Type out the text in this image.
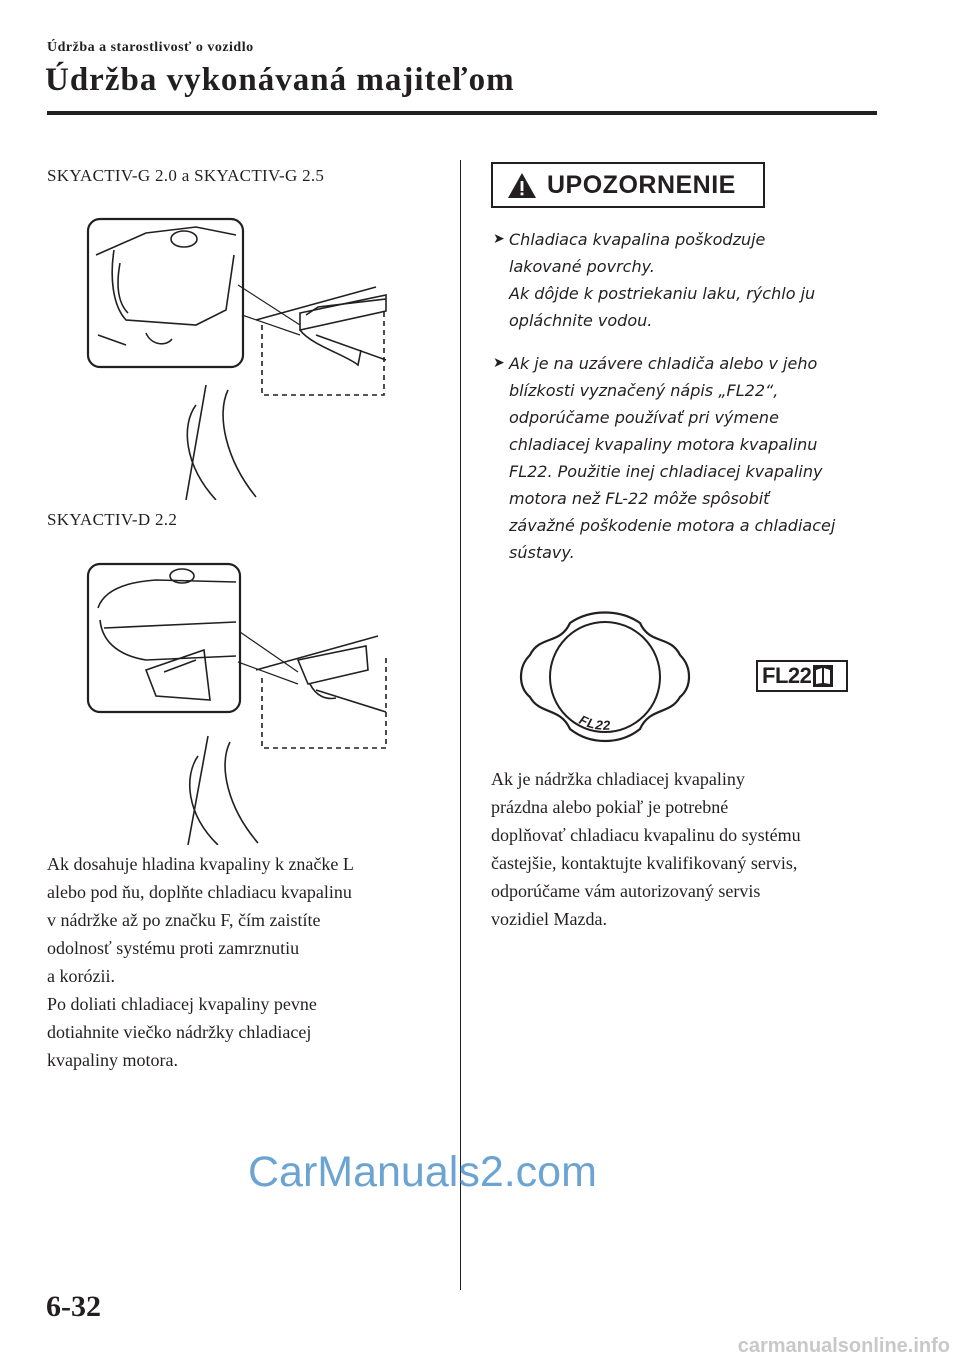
Údržba a starostlivosť o vozidlo
Údržba vykonávaná majiteľom
SKYACTIV-G 2.0 a SKYACTIV-G 2.5
SKYACTIV-D 2.2
Ak dosahuje hladina kvapaliny k značke L
alebo pod ňu, doplňte chladiacu kvapalinu
v nádržke až po značku F, čím zaistíte
odolnosť systému proti zamrznutiu
a korózii.
Po doliati chladiacej kvapaliny pevne
dotiahnite viečko nádržky chladiacej
kvapaliny motora.
UPOZORNENIE
➤ Chladiaca kvapalina poškodzuje
lakované povrchy.
Ak dôjde k postriekaniu laku, rýchlo ju
opláchnite vodou.
➤ Ak je na uzávere chladiča alebo v jeho
blízkosti vyznačený nápis „FL22“,
odporúčame používať pri výmene
chladiacej kvapaliny motora kvapalinu
FL22. Použitie inej chladiacej kvapaliny
motora než FL-22 môže spôsobiť
závažné poškodenie motora a chladiacej
sústavy.
FL22
FL22
Ak je nádržka chladiacej kvapaliny
prázdna alebo pokiaľ je potrebné
doplňovať chladiacu kvapalinu do systému
častejšie, kontaktujte kvalifikovaný servis,
odporúčame vám autorizovaný servis
vozidiel Mazda.
CarManuals2.com
6-32
carmanualsonline.info
